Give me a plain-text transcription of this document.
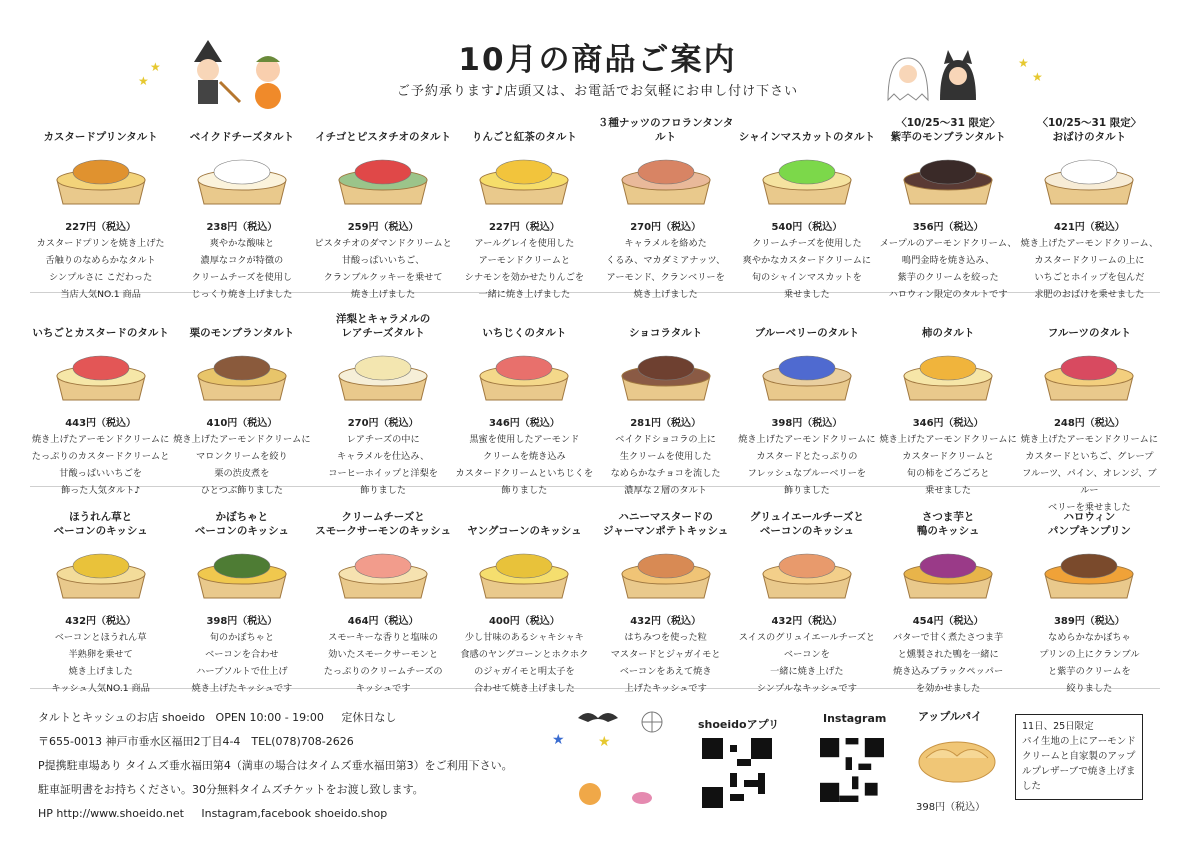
★
★
★
★
10月の商品ご案内
ご予約承ります♪店頭又は、お電話でお気軽にお申し付け下さい
カスタードプリンタルト
227円（税込）
カスタードプリンを焼き上げた
舌触りのなめらかなタルト
シンプルさに こだわった
当店人気NO.1 商品
ベイクドチーズタルト
238円（税込）
爽やかな酸味と
濃厚なコクが特徴の
クリームチーズを使用し
じっくり焼き上げました
イチゴとピスタチオのタルト
259円（税込）
ピスタチオのダマンドクリームと
甘酸っぱいいちご、
クランブルクッキーを乗せて
焼き上げました
りんごと紅茶のタルト
227円（税込）
アールグレイを使用した
アーモンドクリームと
シナモンを効かせたりんごを
一緒に焼き上げました
３種ナッツのフロランタンタルト
270円（税込）
キャラメルを絡めた
くるみ、マカダミアナッツ、
アーモンド、クランベリーを
焼き上げました
シャインマスカットのタルト
540円（税込）
クリームチーズを使用した
爽やかなカスタードクリームに
旬のシャインマスカットを
乗せました
〈10/25～31 限定〉
紫芋のモンブランタルト
356円（税込）
メープルのアーモンドクリーム、
鳴門金時を焼き込み、
紫芋のクリームを絞った
ハロウィン限定のタルトです
〈10/25～31 限定〉
おばけのタルト
421円（税込）
焼き上げたアーモンドクリーム、
カスタードクリームの上に
いちごとホイップを包んだ
求肥のおばけを乗せました
いちごとカスタードのタルト
443円（税込）
焼き上げたアーモンドクリームに
たっぷりのカスタードクリームと
甘酸っぱいいちごを
飾った人気タルト♪
栗のモンブランタルト
410円（税込）
焼き上げたアーモンドクリームに
マロンクリームを絞り
栗の渋皮煮を
ひとつぶ飾りました
洋梨とキャラメルの
レアチーズタルト
270円（税込）
レアチーズの中に
キャラメルを仕込み、
コーヒーホイップと洋梨を
飾りました
いちじくのタルト
346円（税込）
黒蜜を使用したアーモンド
クリームを焼き込み
カスタードクリームといちじくを
飾りました
ショコラタルト
281円（税込）
ベイクドショコラの上に
生クリームを使用した
なめらかなチョコを流した
濃厚な２層のタルト
ブルーベリーのタルト
398円（税込）
焼き上げたアーモンドクリームに
カスタードとたっぷりの
フレッシュなブルーベリーを
飾りました
柿のタルト
346円（税込）
焼き上げたアーモンドクリームに
カスタードクリームと
旬の柿をごろごろと
乗せました
フルーツのタルト
248円（税込）
焼き上げたアーモンドクリームに
カスタードといちご、グレープ
フルーツ、パイン、オレンジ、ブルー
ベリーを乗せました
ほうれん草と
ベーコンのキッシュ
432円（税込）
ベーコンとほうれん草
半熟卵を乗せて
焼き上げました
キッシュ人気NO.1 商品
かぼちゃと
ベーコンのキッシュ
398円（税込）
旬のかぼちゃと
ベーコンを合わせ
ハーブソルトで仕上げ
焼き上げたキッシュです
クリームチーズと
スモークサーモンのキッシュ
464円（税込）
スモーキーな香りと塩味の
効いたスモークサーモンと
たっぷりのクリームチーズの
キッシュです
ヤングコーンのキッシュ
400円（税込）
少し甘味のあるシャキシャキ
食感のヤングコーンとホクホク
のジャガイモと明太子を
合わせて焼き上げました
ハニーマスタードの
ジャーマンポテトキッシュ
432円（税込）
はちみつを使った粒
マスタードとジャガイモと
ベーコンをあえて焼き
上げたキッシュです
グリュイエールチーズと
ベーコンのキッシュ
432円（税込）
スイスのグリュイエールチーズと
ベーコンを
一緒に焼き上げた
シンプルなキッシュです
さつま芋と
鴨のキッシュ
454円（税込）
バターで甘く煮たさつま芋
と燻製された鴨を一緒に
焼き込みブラックペッパー
を効かせました
ハロウィン
パンプキンプリン
389円（税込）
なめらかなかぼちゃ
プリンの上にクランブル
と紫芋のクリームを
絞りました
タルトとキッシュのお店 shoeido OPEN 10:00 - 19:00 定休日なし
〒655-0013 神戸市垂水区福田2丁目4-4　TEL(078)708-2626
P提携駐車場あり タイムズ垂水福田第4（満車の場合はタイムズ垂水福田第3）をご利用下さい。
駐車証明書をお持ちください。30分無料タイムズチケットをお渡し致します。
HP http://www.shoeido.net Instagram,facebook shoeido.shop
★ ★
shoeidoアプリ	Instagram	アップルパイ
398円（税込）
11日、25日限定
パイ生地の上にアーモンドクリームと自家製のアップルプレザーブで焼き上げました
